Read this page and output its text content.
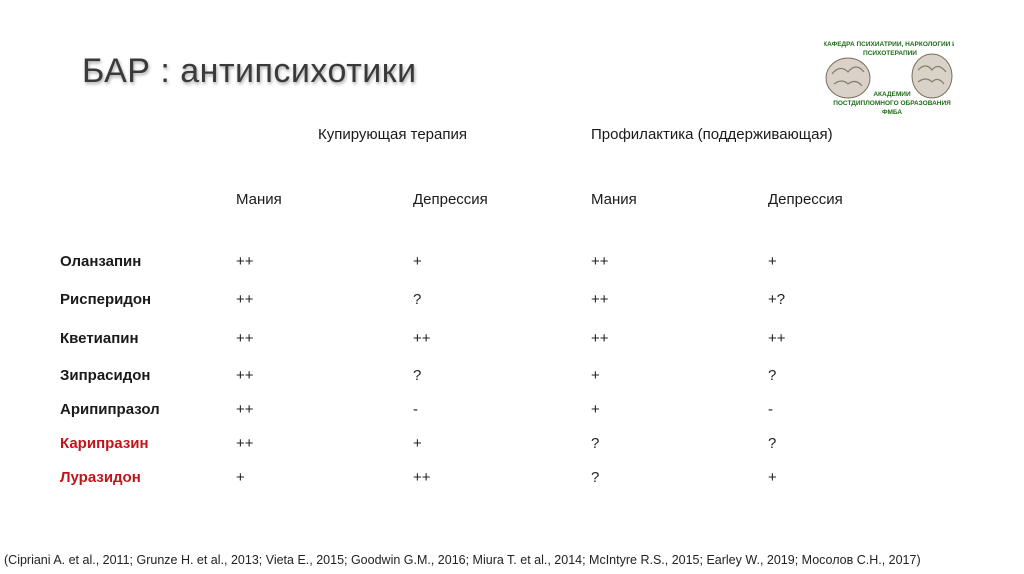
БАР : антипсихотики
КАФЕДРА ПСИХИАТРИИ, НАРКОЛОГИИ И
ПСИХОТЕРАПИИ
АКАДЕМИИ
ПОСТДИПЛОМНОГО ОБРАЗОВАНИЯ
ФМБА
Купирующая терапия	Профилактика (поддерживающая)
Мания	Депрессия	Мания	Депрессия
Оланзапин	++	+	++	+
Рисперидон	++	?	++	+?
Кветиапин	++	++	++	++
Зипрасидон	++	?	+	?
Арипипразол	++	-	+	-
Карипразин	++	+	?	?
Луразидон	+	++	?	+
(Cipriani A. et al., 2011; Grunze H. et al., 2013; Vieta E., 2015; Goodwin G.M., 2016; Miura T. et al., 2014; McIntyre R.S., 2015; Earley W., 2019; Мосолов С.Н., 2017)
